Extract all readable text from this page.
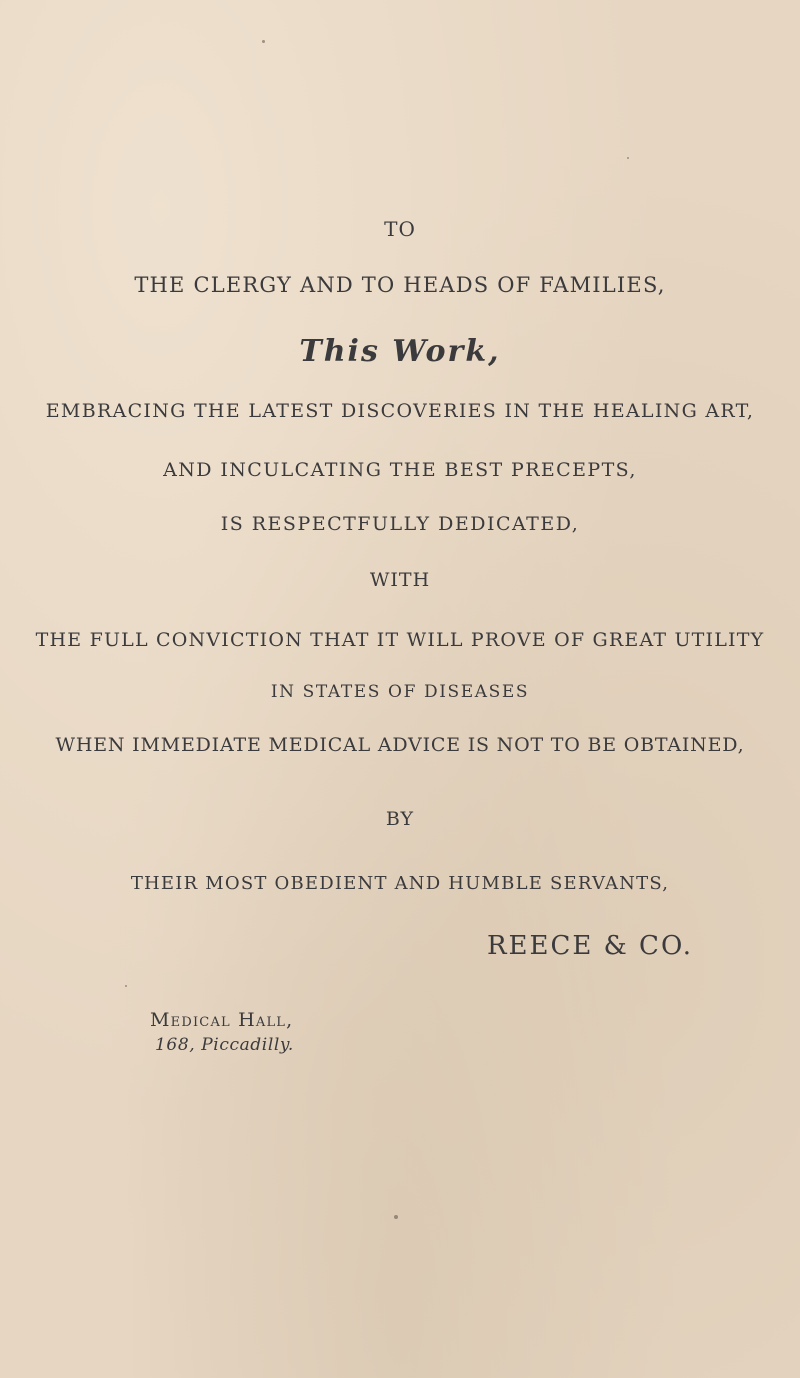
TO
THE CLERGY AND TO HEADS OF FAMILIES,
This Work,
EMBRACING THE LATEST DISCOVERIES IN THE HEALING ART,
AND INCULCATING THE BEST PRECEPTS,
IS RESPECTFULLY DEDICATED,
WITH
THE FULL CONVICTION THAT IT WILL PROVE OF GREAT UTILITY
IN STATES OF DISEASES
WHEN IMMEDIATE MEDICAL ADVICE IS NOT TO BE OBTAINED,
BY
THEIR MOST OBEDIENT AND HUMBLE SERVANTS,
REECE & CO.
Medical Hall,
168, Piccadilly.
